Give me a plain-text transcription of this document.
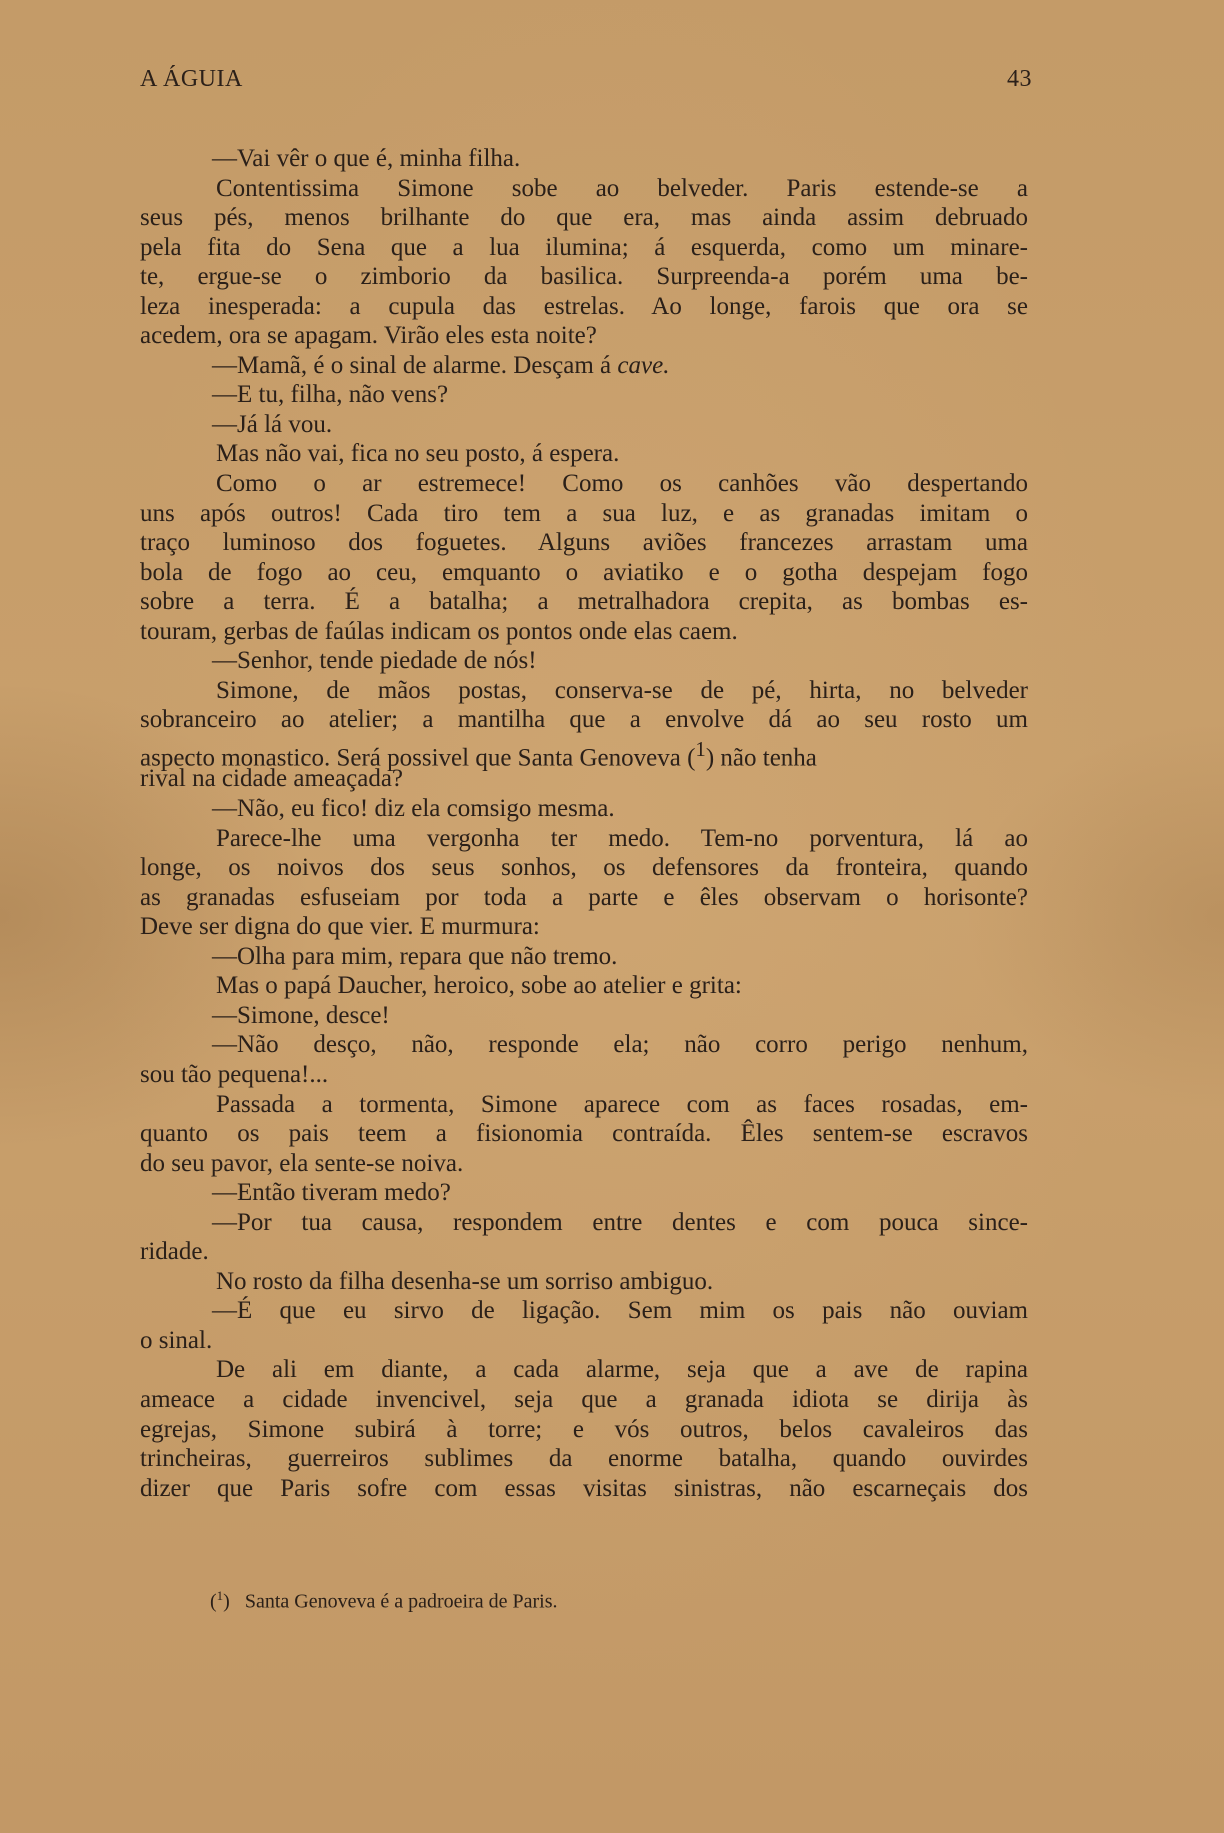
A ÁGUIA	43
—Vai vêr o que é, minha filha.
Contentissima Simone sobe ao belveder. Paris estende-se a
seus pés, menos brilhante do que era, mas ainda assim debruado
pela fita do Sena que a lua ilumina; á esquerda, como um minare-
te, ergue-se o zimborio da basilica. Surpreenda-a porém uma be-
leza inesperada: a cupula das estrelas. Ao longe, farois que ora se
acedem, ora se apagam. Virão eles esta noite?
—Mamã, é o sinal de alarme. Desçam á cave.
—E tu, filha, não vens?
—Já lá vou.
Mas não vai, fica no seu posto, á espera.
Como o ar estremece! Como os canhões vão despertando
uns após outros! Cada tiro tem a sua luz, e as granadas imitam o
traço luminoso dos foguetes. Alguns aviões francezes arrastam uma
bola de fogo ao ceu, emquanto o aviatiko e o gotha despejam fogo
sobre a terra. É a batalha; a metralhadora crepita, as bombas es-
touram, gerbas de faúlas indicam os pontos onde elas caem.
—Senhor, tende piedade de nós!
Simone, de mãos postas, conserva-se de pé, hirta, no belveder
sobranceiro ao atelier; a mantilha que a envolve dá ao seu rosto um
aspecto monastico. Será possivel que Santa Genoveva ($^1$) não tenha
rival na cidade ameaçada?
—Não, eu fico! diz ela comsigo mesma.
Parece-lhe uma vergonha ter medo. Tem-no porventura, lá ao
longe, os noivos dos seus sonhos, os defensores da fronteira, quando
as granadas esfuseiam por toda a parte e êles observam o horisonte?
Deve ser digna do que vier. E murmura:
—Olha para mim, repara que não tremo.
Mas o papá Daucher, heroico, sobe ao atelier e grita:
—Simone, desce!
—Não desço, não, responde ela; não corro perigo nenhum,
sou tão pequena!...
Passada a tormenta, Simone aparece com as faces rosadas, em-
quanto os pais teem a fisionomia contraída. Êles sentem-se escravos
do seu pavor, ela sente-se noiva.
—Então tiveram medo?
—Por tua causa, respondem entre dentes e com pouca since-
ridade.
No rosto da filha desenha-se um sorriso ambiguo.
—É que eu sirvo de ligação. Sem mim os pais não ouviam
o sinal.
De ali em diante, a cada alarme, seja que a ave de rapina
ameace a cidade invencivel, seja que a granada idiota se dirija às
egrejas, Simone subirá à torre; e vós outros, belos cavaleiros das
trincheiras, guerreiros sublimes da enorme batalha, quando ouvirdes
dizer que Paris sofre com essas visitas sinistras, não escarneçais dos
($^1$)   Santa Genoveva é a padroeira de Paris.
